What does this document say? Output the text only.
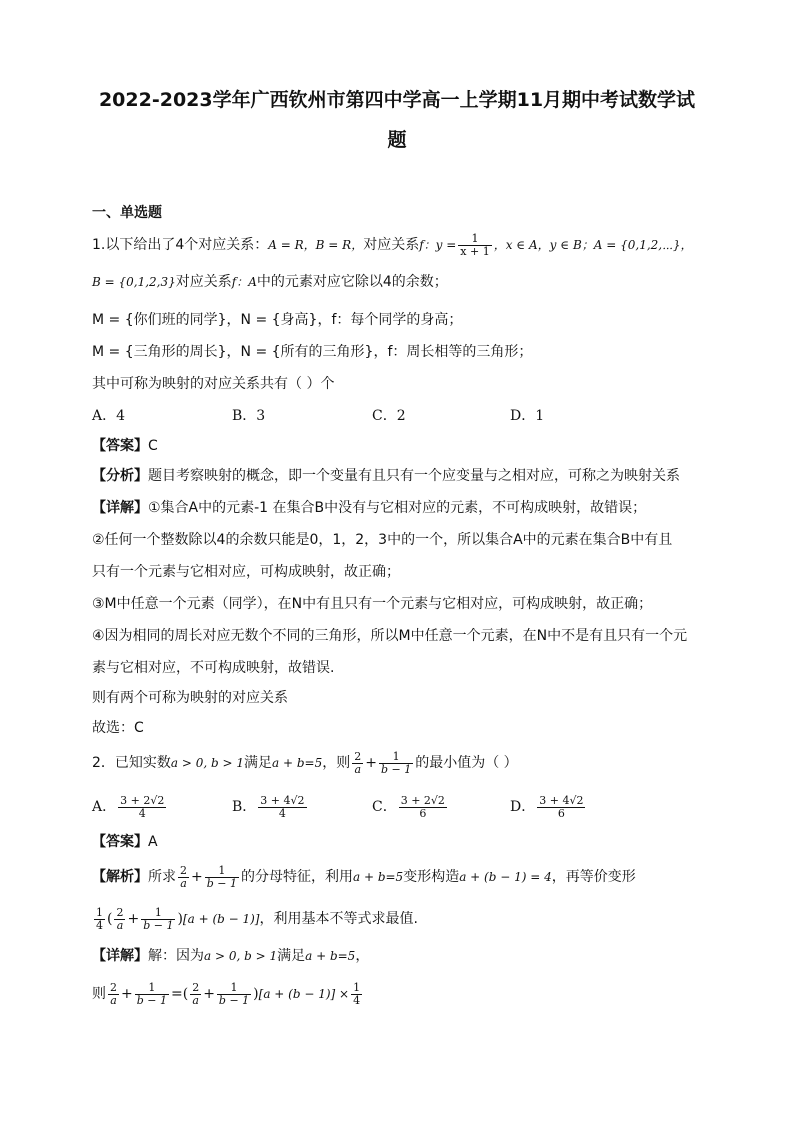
2022-2023学年广西钦州市第四中学高一上学期11月期中考试数学试
题
一、单选题
1.以下给出了4个对应关系：A = R，B = R，对应关系f：$y = \frac{1}{x + 1}$ ，x ∈ A，y ∈ B；A = {0,1,2,⋯}，
B = {0,1,2,3}对应关系f：A中的元素对应它除以4的余数；
M = {你们班的同学}，N = {身高}，f：每个同学的身高；
M = {三角形的周长}，N = {所有的三角形}，f：周长相等的三角形；
其中可称为映射的对应关系共有（ ）个
A．4	B．3	C．2	D．1
【答案】C
【分析】题目考察映射的概念，即一个变量有且只有一个应变量与之相对应，可称之为映射关系
【详解】①集合A中的元素-1 在集合B中没有与它相对应的元素，不可构成映射，故错误；
②任何一个整数除以4的余数只能是0，1，2，3中的一个，所以集合A中的元素在集合B中有且
只有一个元素与它相对应，可构成映射，故正确；
③M中任意一个元素（同学），在N中有且只有一个元素与它相对应，可构成映射，故正确；
④因为相同的周长对应无数个不同的三角形，所以M中任意一个元素，在N中不是有且只有一个元
素与它相对应，不可构成映射，故错误.
则有两个可称为映射的对应关系
故选：C
2．已知实数a > 0, b > 1满足a + b=5，则 $\frac{2}{a} + \frac{1}{b - 1}$ 的最小值为（ ）
A． $\frac{3 + 2√2}{4}$	B． $\frac{3 + 4√2}{4}$	C． $\frac{3 + 2√2}{6}$	D． $\frac{3 + 4√2}{6}$
【答案】A
【解析】所求 $\frac{2}{a} + \frac{1}{b - 1}$ 的分母特征，利用a + b=5变形构造a + (b − 1) = 4，再等价变形
$\frac{1}{4}$ ( $\frac{2}{a} + \frac{1}{b - 1} )[a + (b - 1)]$，利用基本不等式求最值.
【详解】解：因为a > 0, b > 1满足a + b=5，
则 $\frac{2}{a} + \frac{1}{b - 1}$ =( $\frac{2}{a} + \frac{1}{b - 1} )[a + (b - 1)] \times \frac{1}{4}$
